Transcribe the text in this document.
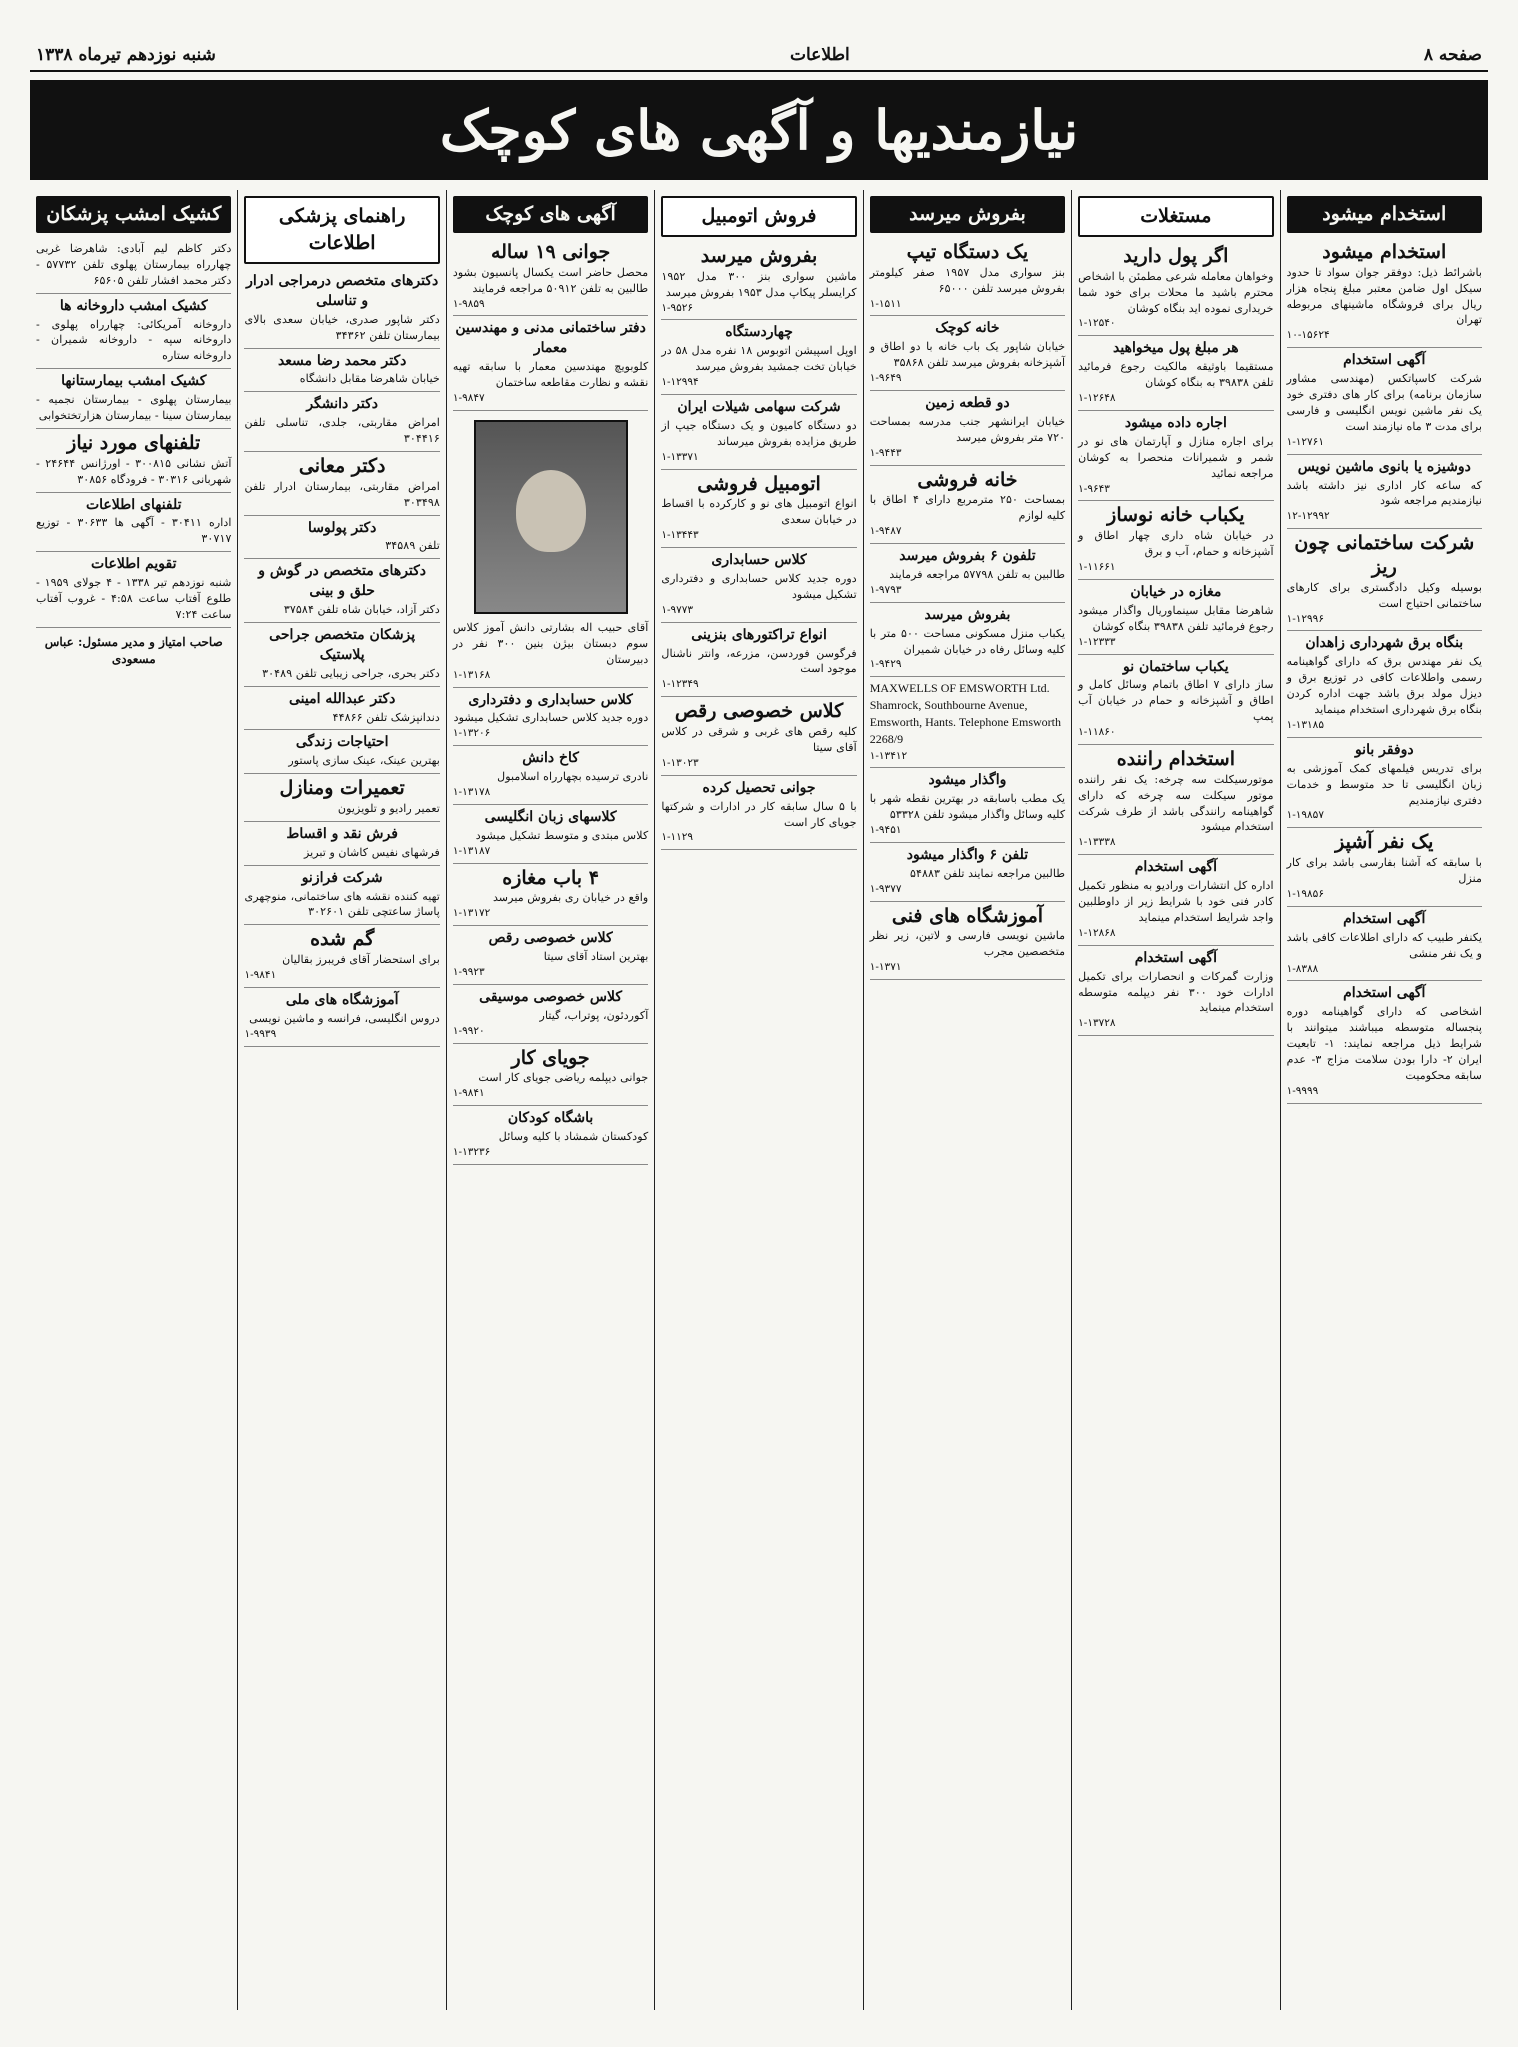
صفحه ۸
اطلاعات
شنبه نوزدهم تیرماه ۱۳۳۸
نیازمندیها و آگهی های کوچک
استخدام میشود
استخدام میشود
باشرائط ذیل: دوفقر جوان سواد تا حدود سیکل اول ضامن معتبر مبلغ پنجاه هزار ریال برای فروشگاه ماشینهای مربوطه تهران
۱۰-۱۵۶۲۴
آگهی استخدام
شرکت کاسپاتکس (مهندسی مشاور سازمان برنامه) برای کار های دفتری خود یک نفر ماشین نویس انگلیسی و فارسی برای مدت ۳ ماه نیازمند است
۱-۱۲۷۶۱
دوشیزه یا بانوی ماشین نویس
که ساعه کار اداری نیز داشته باشد نیازمندیم مراجعه شود
۱۲-۱۲۹۹۲
شرکت ساختمانی چون ریز
بوسیله وکیل دادگستری برای کارهای ساختمانی احتیاج است
۱-۱۲۹۹۶
بنگاه برق شهرداری زاهدان
یک نفر مهندس برق که دارای گواهینامه رسمی واطلاعات کافی در توزیع برق و دیزل مولد برق باشد جهت اداره کردن بنگاه برق شهرداری استخدام مینماید
۱-۱۳۱۸۵
دوفقر بانو
برای تدریس فیلمهای کمک آموزشی به زبان انگلیسی تا حد متوسط و خدمات دفتری نیازمندیم
۱-۱۹۸۵۷
یک نفر آشپز
با سابقه که آشنا بفارسی باشد برای کار منزل
۱-۱۹۸۵۶
آگهی استخدام
یکنفر طبیب که دارای اطلاعات کافی باشد و یک نفر منشی
۱-۸۳۸۸
آگهی استخدام
اشخاصی که دارای گواهینامه دوره پنجساله متوسطه میباشند میتوانند با شرایط ذیل مراجعه نمایند: ۱- تابعیت ایران ۲- دارا بودن سلامت مزاج ۳- عدم سابقه محکومیت
۱-۹۹۹۹
مستغلات
اگر پول دارید
وخواهان معامله شرعی مطمئن با اشخاص محترم باشید ما محلات برای خود شما خریداری نموده اید بنگاه کوشان
۱-۱۲۵۴۰
هر مبلغ پول میخواهید
مستقیما باوثیقه مالکیت رجوع فرمائید تلفن ۳۹۸۳۸ به بنگاه کوشان
۱-۱۲۶۴۸
اجاره داده میشود
برای اجاره منازل و آپارتمان های نو در شمر و شمیرانات منحصرا به کوشان مراجعه نمائید
۱-۹۶۴۳
یکباب خانه نوساز
در خیابان شاه داری چهار اطاق و آشپزخانه و حمام، آب و برق
۱-۱۱۶۶۱
مغازه در خیابان
شاهرضا مقابل سینماوریال واگذار میشود رجوع فرمائید تلفن ۳۹۸۳۸ بنگاه کوشان
۱-۱۲۳۳۳
یکباب ساختمان نو
ساز دارای ۷ اطاق باتمام وسائل کامل و اطاق و آشپزخانه و حمام در خیابان آب پمپ
۱-۱۱۸۶۰
استخدام راننده
موتورسیکلت سه چرخه: یک نفر راننده موتور سیکلت سه چرخه که دارای گواهینامه رانندگی باشد از طرف شرکت استخدام میشود
۱-۱۳۳۳۸
آگهی استخدام
اداره کل انتشارات ورادیو به منظور تکمیل کادر فنی خود با شرایط زیر از داوطلبین واجد شرایط استخدام مینماید
۱-۱۲۸۶۸
آگهی استخدام
وزارت گمرکات و انحصارات برای تکمیل ادارات خود ۳۰۰ نفر دیپلمه متوسطه استخدام مینماید
۱-۱۳۷۲۸
بفروش میرسد
یک دستگاه تیپ
بنز سواری مدل ۱۹۵۷ صفر کیلومتر بفروش میرسد تلفن ۶۵۰۰۰
۱-۱۵۱۱
خانه کوچک
خیابان شاپور یک باب خانه با دو اطاق و آشپزخانه بفروش میرسد تلفن ۳۵۸۶۸
۱-۹۶۴۹
دو قطعه زمین
خیابان ایرانشهر جنب مدرسه بمساحت ۷۲۰ متر بفروش میرسد
۱-۹۴۴۳
خانه فروشی
بمساحت ۲۵۰ مترمربع دارای ۴ اطاق با کلیه لوازم
۱-۹۴۸۷
تلفون ۶ بفروش میرسد
طالبین به تلفن ۵۷۷۹۸ مراجعه فرمایند
۱-۹۷۹۳
بفروش میرسد
یکباب منزل مسکونی مساحت ۵۰۰ متر با کلیه وسائل رفاه در خیابان شمیران
۱-۹۴۲۹
MAXWELLS OF EMSWORTH Ltd.
Shamrock, Southbourne Avenue, Emsworth, Hants. Telephone Emsworth 2268/9
۱-۱۳۴۱۲
واگذار میشود
یک مطب باسابقه در بهترین نقطه شهر با کلیه وسائل واگذار میشود تلفن ۵۳۳۲۸
۱-۹۴۵۱
تلفن ۶ واگذار میشود
طالبین مراجعه نمایند تلفن ۵۴۸۸۳
۱-۹۳۷۷
آموزشگاه های فنی
ماشین نویسی فارسی و لاتین، زیر نظر متخصصین مجرب
۱-۱۳۷۱
فروش اتومبیل
بفروش میرسد
ماشین سواری بنز ۳۰۰ مدل ۱۹۵۲ کرایسلر پیکاپ مدل ۱۹۵۳ بفروش میرسد
۱-۹۵۲۶
چهاردستگاه
اوپل اسپیشن اتوبوس ۱۸ نفره مدل ۵۸ در خیابان تخت جمشید بفروش میرسد
۱-۱۲۹۹۴
شرکت سهامی شیلات ایران
دو دستگاه کامیون و یک دستگاه جیپ از طریق مزایده بفروش میرساند
۱-۱۳۳۷۱
اتومبیل فروشی
انواع اتومبیل های نو و کارکرده با اقساط در خیابان سعدی
۱-۱۳۴۴۳
کلاس حسابداری
دوره جدید کلاس حسابداری و دفترداری تشکیل میشود
۱-۹۷۷۳
انواع تراکتورهای بنزینی
فرگوسن فوردسن، مزرعه، وانتر ناشنال موجود است
۱-۱۲۳۴۹
کلاس خصوصی رقص
کلیه رقص های غربی و شرقی در کلاس آقای سیتا
۱-۱۳۰۲۳
جوانی تحصیل کرده
با ۵ سال سابقه کار در ادارات و شرکتها جویای کار است
۱-۱۱۲۹
آگهی های کوچک
جوانی ۱۹ ساله
محصل حاضر است یکسال پانسیون بشود طالبین به تلفن ۵۰۹۱۲ مراجعه فرمایند
۱-۹۸۵۹
دفتر ساختمانی مدنی و مهندسین معمار
کلوبویچ مهندسین معمار با سابقه تهیه نقشه و نظارت مقاطعه ساختمان
۱-۹۸۴۷
آقای حبیب اله بشارتی دانش آموز کلاس سوم دبستان بیژن بنین ۳۰۰ نفر در دبیرستان
۱-۱۳۱۶۸
کلاس حسابداری و دفترداری
دوره جدید کلاس حسابداری تشکیل میشود
۱-۱۳۲۰۶
کاخ دانش
نادری ترسیده بچهارراه اسلامبول
۱-۱۳۱۷۸
کلاسهای زبان انگلیسی
کلاس مبتدی و متوسط تشکیل میشود
۱-۱۳۱۸۷
۴ باب مغازه
واقع در خیابان ری بفروش میرسد
۱-۱۳۱۷۲
کلاس خصوصی رقص
بهترین استاد آقای سیتا
۱-۹۹۲۳
کلاس خصوصی موسیقی
آکوردئون، پوتراب، گیتار
۱-۹۹۲۰
جویای کار
جوانی دیپلمه ریاضی جویای کار است
۱-۹۸۴۱
باشگاه کودکان
کودکستان شمشاد با کلیه وسائل
۱-۱۳۲۳۶
راهنمای پزشکی اطلاعات
دکترهای متخصص درمراجی ادرار و تناسلی
دکتر شاپور صدری، خیابان سعدی بالای بیمارستان تلفن ۳۴۳۶۲
دکتر محمد رضا مسعد
خیابان شاهرضا مقابل دانشگاه
دکتر دانشگر
امراض مقاربتی، جلدی، تناسلی تلفن ۳۰۴۴۱۶
دکتر معانی
امراض مقاربتی، بیمارستان ادرار تلفن ۳۰۳۴۹۸
دکتر پولوسا
تلفن ۳۴۵۸۹
دکترهای متخصص در گوش و حلق و بینی
دکتر آزاد، خیابان شاه تلفن ۳۷۵۸۴
پزشکان متخصص جراحی پلاستیک
دکتر بحری، جراحی زیبایی تلفن ۳۰۴۸۹
دکتر عبدالله امینی
دندانپزشک تلفن ۴۴۸۶۶
احتیاجات زندگی
بهترین عینک، عینک سازی پاستور
تعمیرات ومنازل
تعمیر رادیو و تلویزیون
فرش نقد و اقساط
فرشهای نفیس کاشان و تبریز
شرکت فرازنو
تهیه کننده نقشه های ساختمانی، منوچهری پاساژ ساعتچی تلفن ۳۰۲۶۰۱
گم شده
برای استحضار آقای فریبرز بقالیان
۱-۹۸۴۱
آموزشگاه های ملی
دروس انگلیسی، فرانسه و ماشین نویسی
۱-۹۹۳۹
کشیک امشب پزشکان
دکتر کاظم لیم آبادی: شاهرضا غربی چهارراه بیمارستان پهلوی تلفن ۵۷۷۳۲ - دکتر محمد افشار تلفن ۶۵۶۰۵
کشیک امشب داروخانه ها
داروخانه آمریکائی: چهارراه پهلوی - داروخانه سپه - داروخانه شمیران - داروخانه ستاره
کشیک امشب بیمارستانها
بیمارستان پهلوی - بیمارستان نجمیه - بیمارستان سینا - بیمارستان هزارتختخوابی
تلفنهای مورد نیاز
آتش نشانی ۳۰۰۸۱۵ - اورژانس ۲۴۶۴۴ - شهربانی ۳۰۳۱۶ - فرودگاه ۳۰۸۵۶
تلفنهای اطلاعات
اداره ۳۰۴۱۱ - آگهی ها ۳۰۶۳۳ - توزیع ۳۰۷۱۷
تقویم اطلاعات
شنبه نوزدهم تیر ۱۳۳۸ - ۴ جولای ۱۹۵۹ - طلوع آفتاب ساعت ۴:۵۸ - غروب آفتاب ساعت ۷:۲۴
صاحب امتیاز و مدیر مسئول: عباس مسعودی
